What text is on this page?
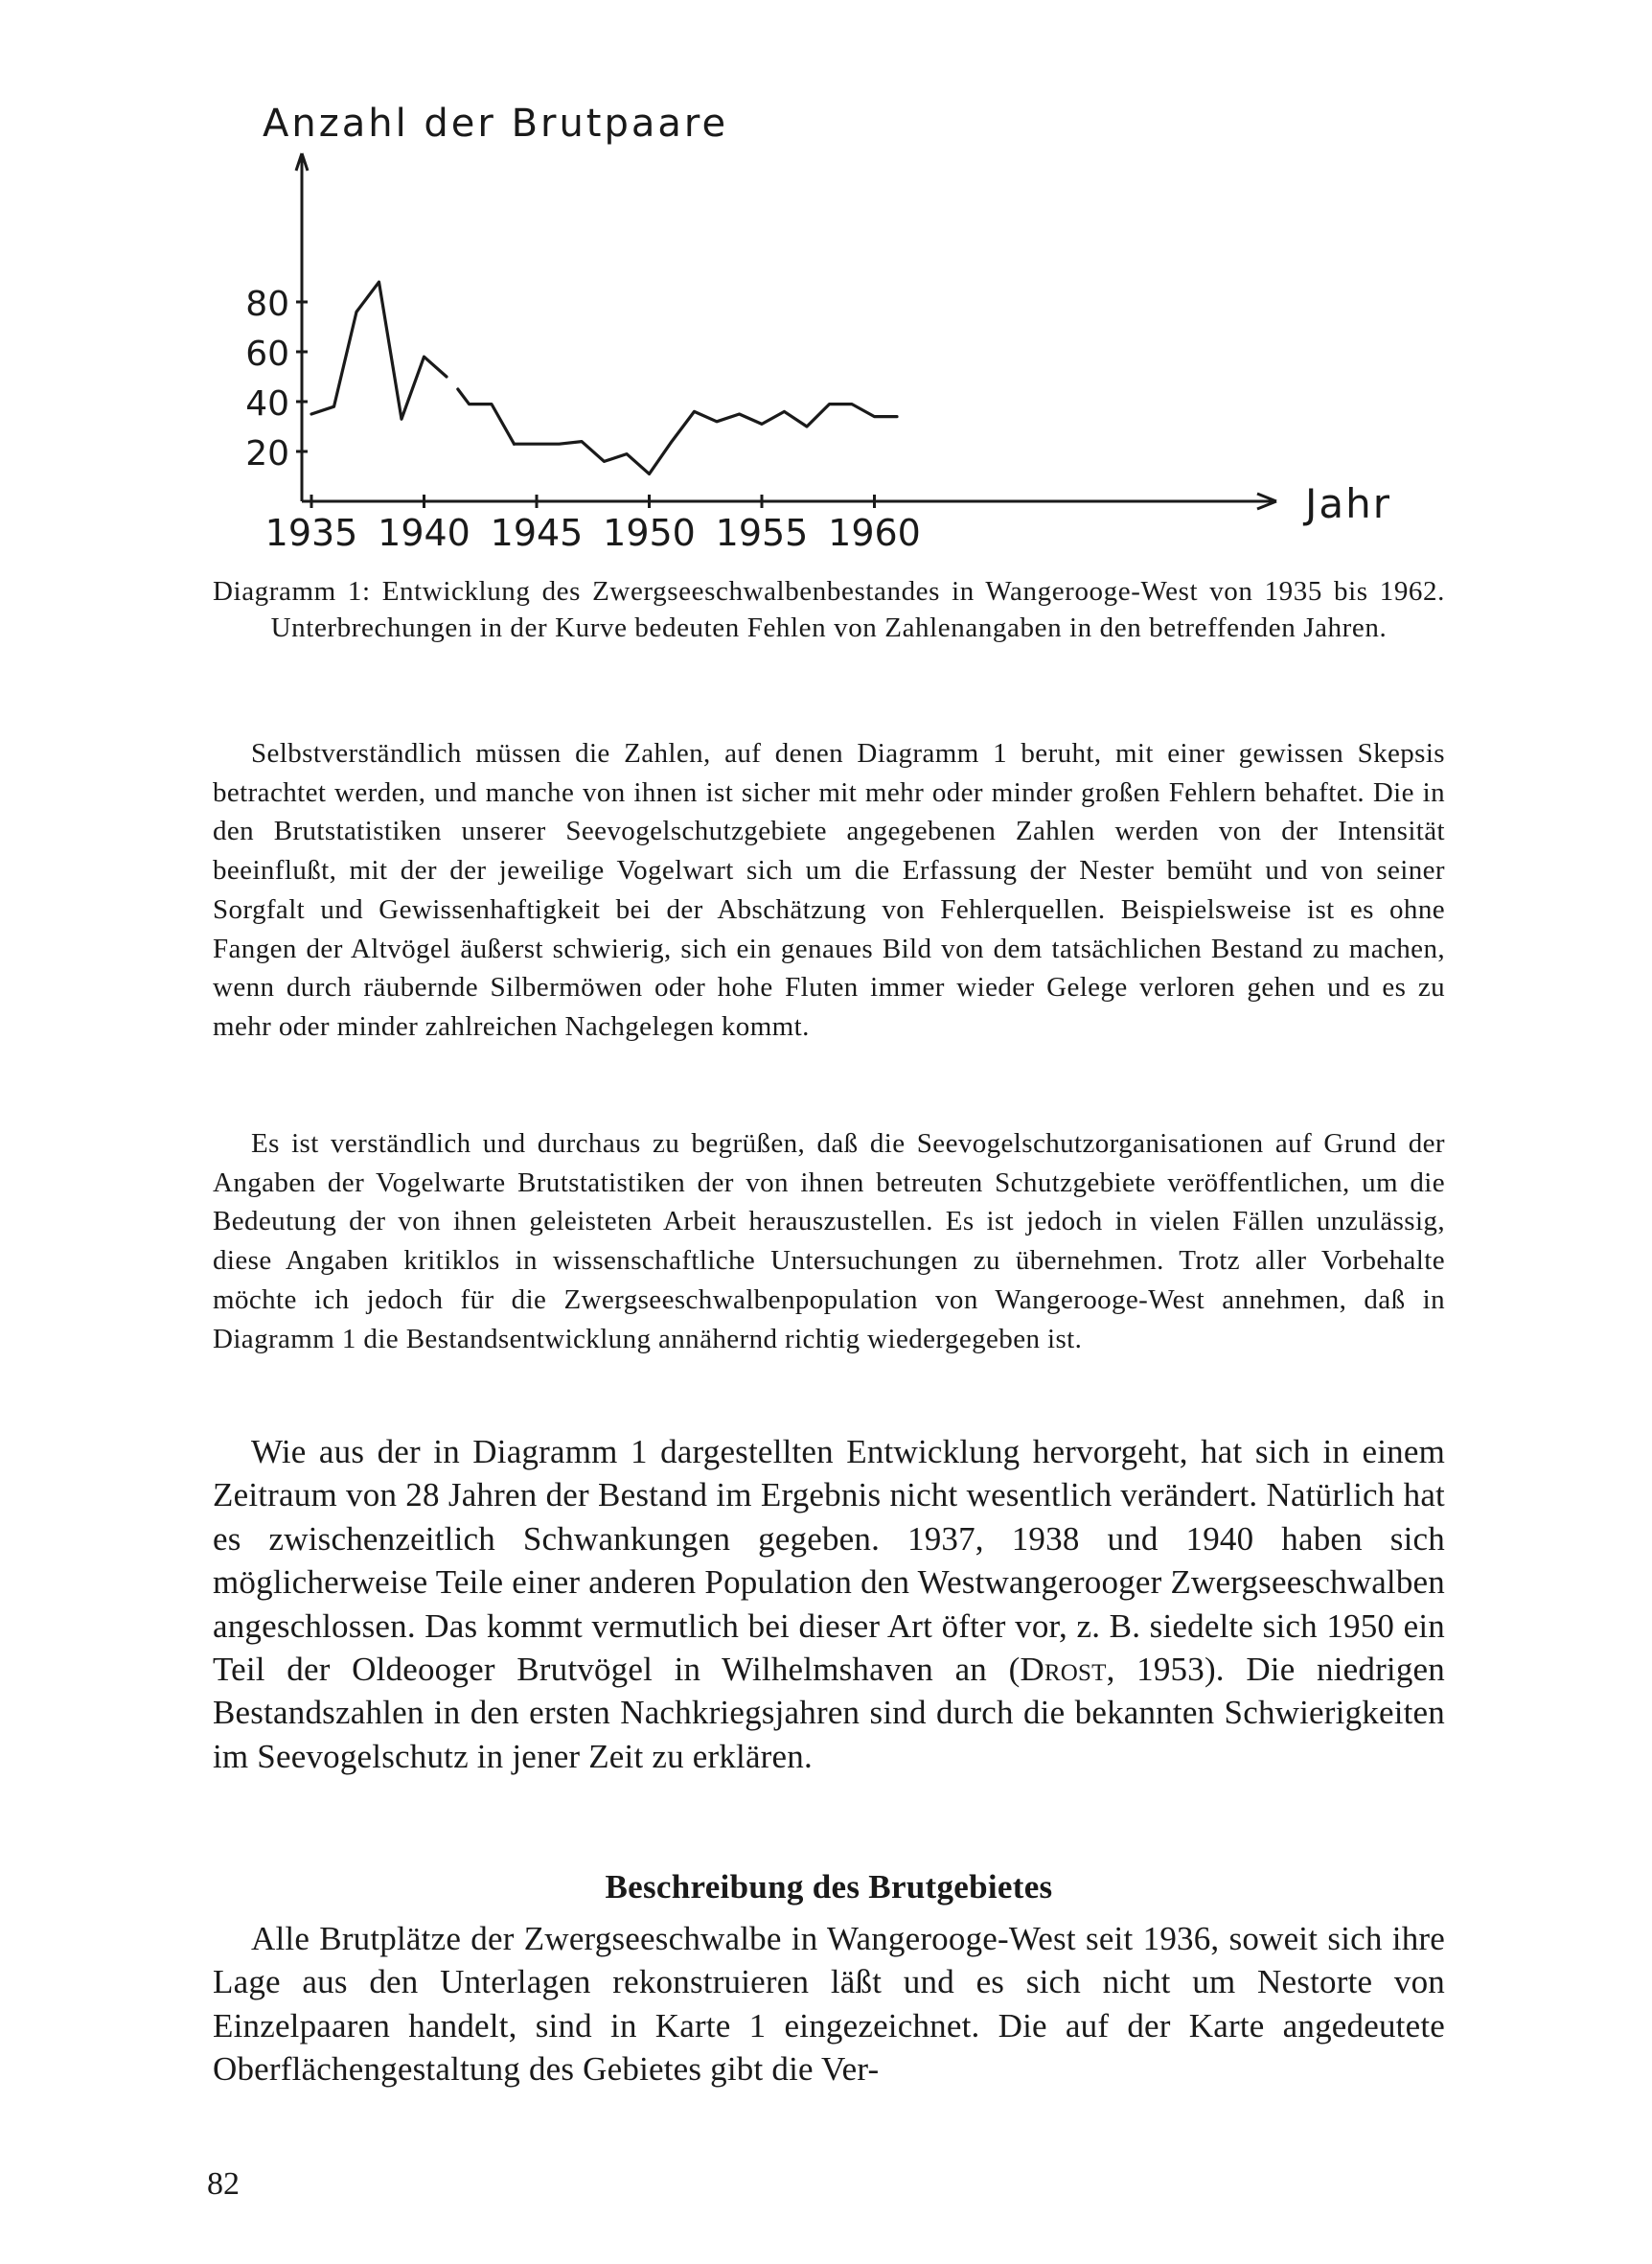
Anzahl der Brutpaare
Jahr
20
40
60
80
1935 1940 1945 1950 1955 1960
Diagramm 1: Entwicklung des Zwergseeschwalbenbestandes in Wangerooge-West von 1935 bis 1962. Unterbrechungen in der Kurve bedeuten Fehlen von Zahlenangaben in den betreffenden Jahren.

Selbstverständlich müssen die Zahlen, auf denen Diagramm 1 beruht, mit einer gewissen Skepsis betrachtet werden, und manche von ihnen ist sicher mit mehr oder minder großen Fehlern behaftet. Die in den Brutstatistiken unserer Seevogelschutzgebiete angegebenen Zahlen werden von der Intensität beeinflußt, mit der der jeweilige Vogelwart sich um die Erfassung der Nester bemüht und von seiner Sorgfalt und Gewissenhaftigkeit bei der Abschätzung von Fehlerquellen. Beispielsweise ist es ohne Fangen der Altvögel äußerst schwierig, sich ein genaues Bild von dem tatsächlichen Bestand zu machen, wenn durch räubernde Silbermöwen oder hohe Fluten immer wieder Gelege verloren gehen und es zu mehr oder minder zahlreichen Nachgelegen kommt.

Es ist verständlich und durchaus zu begrüßen, daß die Seevogelschutzorganisationen auf Grund der Angaben der Vogelwarte Brutstatistiken der von ihnen betreuten Schutzgebiete veröffentlichen, um die Bedeutung der von ihnen geleisteten Arbeit herauszustellen. Es ist jedoch in vielen Fällen unzulässig, diese Angaben kritiklos in wissenschaftliche Untersuchungen zu übernehmen. Trotz aller Vorbehalte möchte ich jedoch für die Zwergseeschwalbenpopulation von Wangerooge-West annehmen, daß in Diagramm 1 die Bestandsentwicklung annähernd richtig wiedergegeben ist.

Wie aus der in Diagramm 1 dargestellten Entwicklung hervorgeht, hat sich in einem Zeitraum von 28 Jahren der Bestand im Ergebnis nicht wesentlich verändert. Natürlich hat es zwischenzeitlich Schwankungen gegeben. 1937, 1938 und 1940 haben sich möglicherweise Teile einer anderen Population den Westwangerooger Zwergseeschwalben angeschlossen. Das kommt vermutlich bei dieser Art öfter vor, z. B. siedelte sich 1950 ein Teil der Oldeooger Brutvögel in Wilhelmshaven an (Drost, 1953). Die niedrigen Bestandszahlen in den ersten Nachkriegsjahren sind durch die bekannten Schwierigkeiten im Seevogelschutz in jener Zeit zu erklären.

Beschreibung des Brutgebietes

Alle Brutplätze der Zwergseeschwalbe in Wangerooge-West seit 1936, soweit sich ihre Lage aus den Unterlagen rekonstruieren läßt und es sich nicht um Nestorte von Einzelpaaren handelt, sind in Karte 1 eingezeichnet. Die auf der Karte angedeutete Oberflächengestaltung des Gebietes gibt die Ver-

82
